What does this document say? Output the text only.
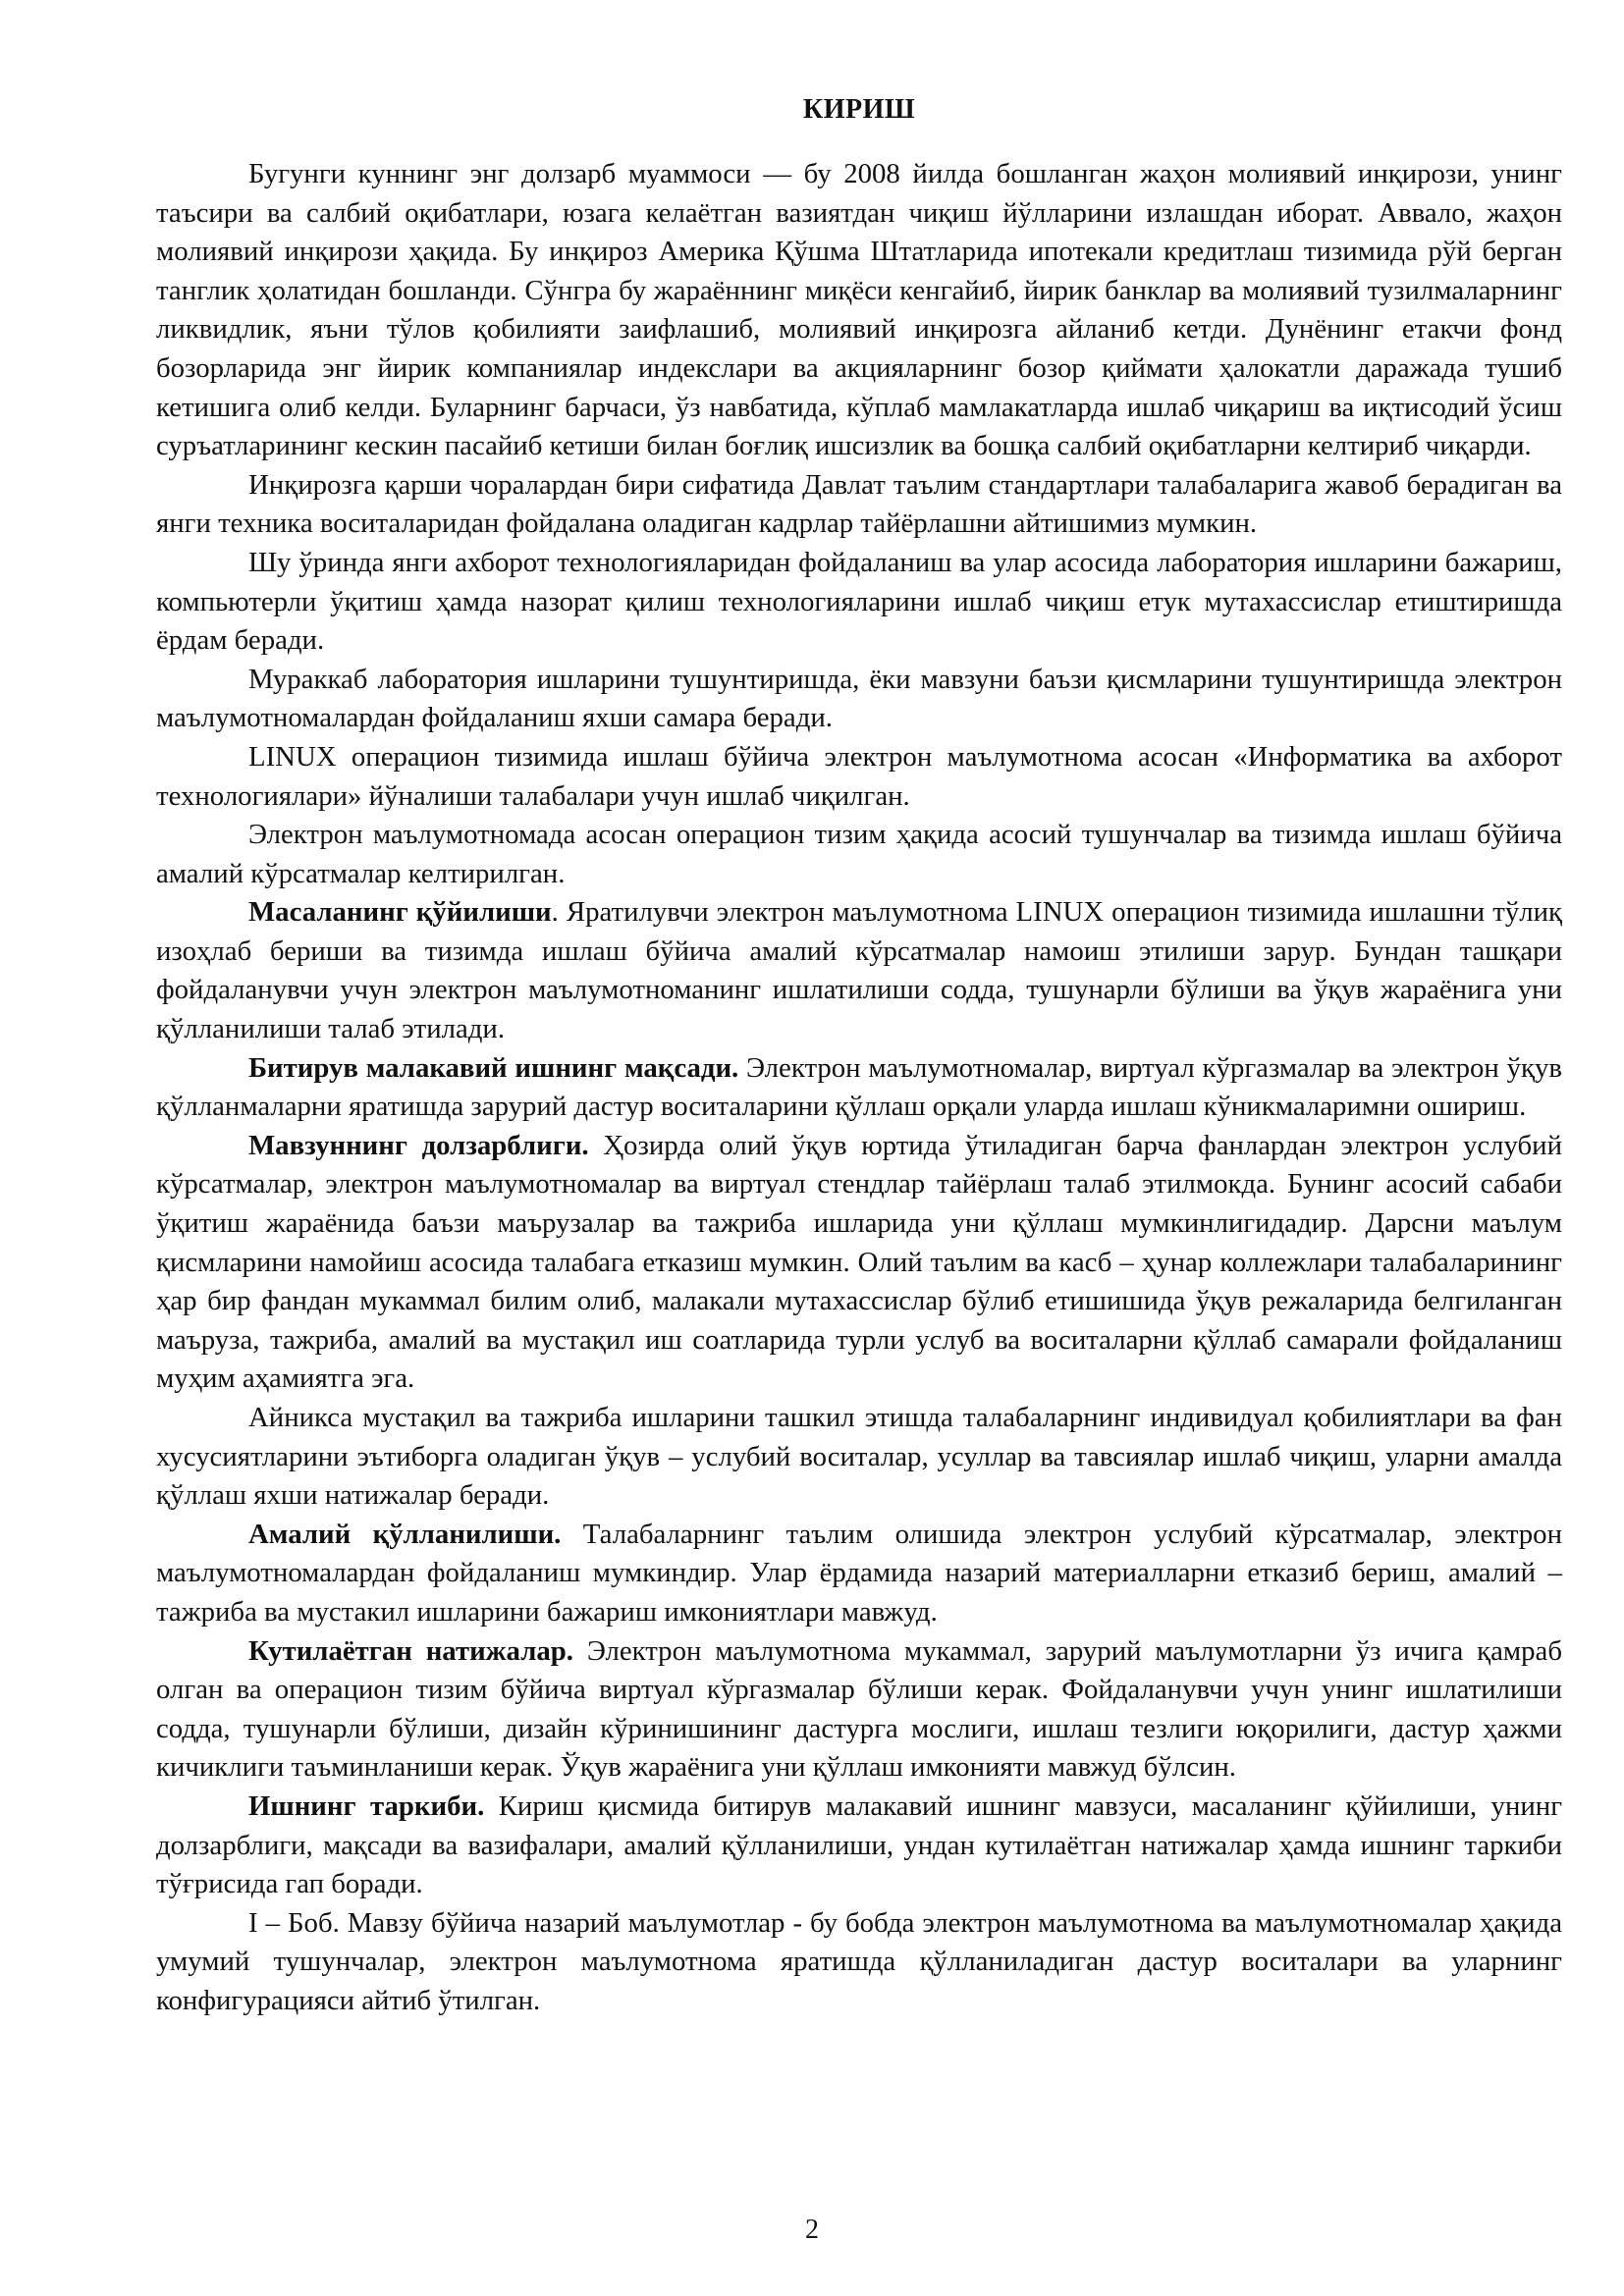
КИРИШ

Бугунги куннинг энг долзарб муаммоси — бу 2008 йилда бошланган жаҳон молиявий инқирози, унинг таъсири ва салбий оқибатлари, юзага келаётган вазиятдан чиқиш йўлларини излашдан иборат. Аввало, жаҳон молиявий инқирози ҳақида. Бу инқироз Америка Қўшма Штатларида ипотекали кредитлаш тизимида рўй берган танглик ҳолатидан бошланди. Сўнгра бу жараённинг миқёси кенгайиб, йирик банклар ва молиявий тузилмаларнинг ликвидлик, яъни тўлов қобилияти заифлашиб, молиявий инқирозга айланиб кетди. Дунёнинг етакчи фонд бозорларида энг йирик компаниялар индекслари ва акцияларнинг бозор қиймати ҳалокатли даражада тушиб кетишига олиб келди. Буларнинг барчаси, ўз навбатида, кўплаб мамлакатларда ишлаб чиқариш ва иқтисодий ўсиш суръатларининг кескин пасайиб кетиши билан боғлиқ ишсизлик ва бошқа салбий оқибатларни келтириб чиқарди.

Инқирозга қарши чоралардан бири сифатида Давлат таълим стандартлари талабаларига жавоб берадиган ва янги техника воситаларидан фойдалана оладиган кадрлар тайёрлашни айтишимиз мумкин.

Шу ўринда янги ахборот технологияларидан фойдаланиш ва улар асосида лаборатория ишларини бажариш, компьютерли ўқитиш ҳамда назорат қилиш технологияларини ишлаб чиқиш етук мутахассислар етиштиришда ёрдам беради.

Мураккаб лаборатория ишларини тушунтиришда, ёки мавзуни баъзи қисмларини тушунтиришда электрон маълумотномалардан фойдаланиш яхши самара беради.

LINUX операцион тизимида ишлаш бўйича электрон маълумотнома асосан «Информатика ва ахборот технологиялари» йўналиши талабалари учун ишлаб чиқилган.

Электрон маълумотномада асосан операцион тизим ҳақида асосий тушунчалар ва тизимда ишлаш бўйича амалий кўрсатмалар келтирилган.

Масаланинг қўйилиши. Яратилувчи электрон маълумотнома LINUX операцион тизимида ишлашни тўлиқ изоҳлаб бериши ва тизимда ишлаш бўйича амалий кўрсатмалар намоиш этилиши зарур. Бундан ташқари фойдаланувчи учун электрон маълумотноманинг ишлатилиши содда, тушунарли бўлиши ва ўқув жараёнига уни қўлланилиши талаб этилади.

Битирув малакавий ишнинг мақсади. Электрон маълумотномалар, виртуал кўргазмалар ва электрон ўқув қўлланмаларни яратишда зарурий дастур воситаларини қўллаш орқали уларда ишлаш кўникмаларимни ошириш.

Мавзуннинг долзарблиги. Ҳозирда олий ўқув юртида ўтиладиган барча фанлардан электрон услубий кўрсатмалар, электрон маълумотномалар ва виртуал стендлар тайёрлаш талаб этилмокда. Бунинг асосий сабаби ўқитиш жараёнида баъзи маърузалар ва тажриба ишларида уни қўллаш мумкинлигидадир. Дарсни маълум қисмларини намойиш асосида талабага етказиш мумкин. Олий таълим ва касб – ҳунар коллежлари талабаларининг ҳар бир фандан мукаммал билим олиб, малакали мутахассислар бўлиб етишишида ўқув режаларида белгиланган маъруза, тажриба, амалий ва мустақил иш соатларида турли услуб ва воситаларни қўллаб самарали фойдаланиш муҳим аҳамиятга эга.

Айникса мустақил ва тажриба ишларини ташкил этишда талабаларнинг индивидуал қобилиятлари ва фан хусусиятларини эътиборга оладиган ўқув – услубий воситалар, усуллар ва тавсиялар ишлаб чиқиш, уларни амалда қўллаш яхши натижалар беради.

Амалий қўлланилиши. Талабаларнинг таълим олишида электрон услубий кўрсатмалар, электрон маълумотномалардан фойдаланиш мумкиндир. Улар ёрдамида назарий материалларни етказиб бериш, амалий – тажриба ва мустакил ишларини бажариш имкониятлари мавжуд.

Кутилаётган натижалар. Электрон маълумотнома мукаммал, зарурий маълумотларни ўз ичига қамраб олган ва операцион тизим бўйича виртуал кўргазмалар бўлиши керак. Фойдаланувчи учун унинг ишлатилиши содда, тушунарли бўлиши, дизайн кўринишининг дастурга мослиги, ишлаш тезлиги юқорилиги, дастур ҳажми кичиклиги таъминланиши керак. Ўқув жараёнига уни қўллаш имконияти мавжуд бўлсин.

Ишнинг таркиби. Кириш қисмида битирув малакавий ишнинг мавзуси, масаланинг қўйилиши, унинг долзарблиги, мақсади ва вазифалари, амалий қўлланилиши, ундан кутилаётган натижалар ҳамда ишнинг таркиби тўғрисида гап боради.

I – Боб. Мавзу бўйича назарий маълумотлар - бу бобда электрон маълумотнома ва маълумотномалар ҳақида умумий тушунчалар, электрон маълумотнома яратишда қўлланиладиган дастур воситалари ва уларнинг конфигурацияси айтиб ўтилган.

2
